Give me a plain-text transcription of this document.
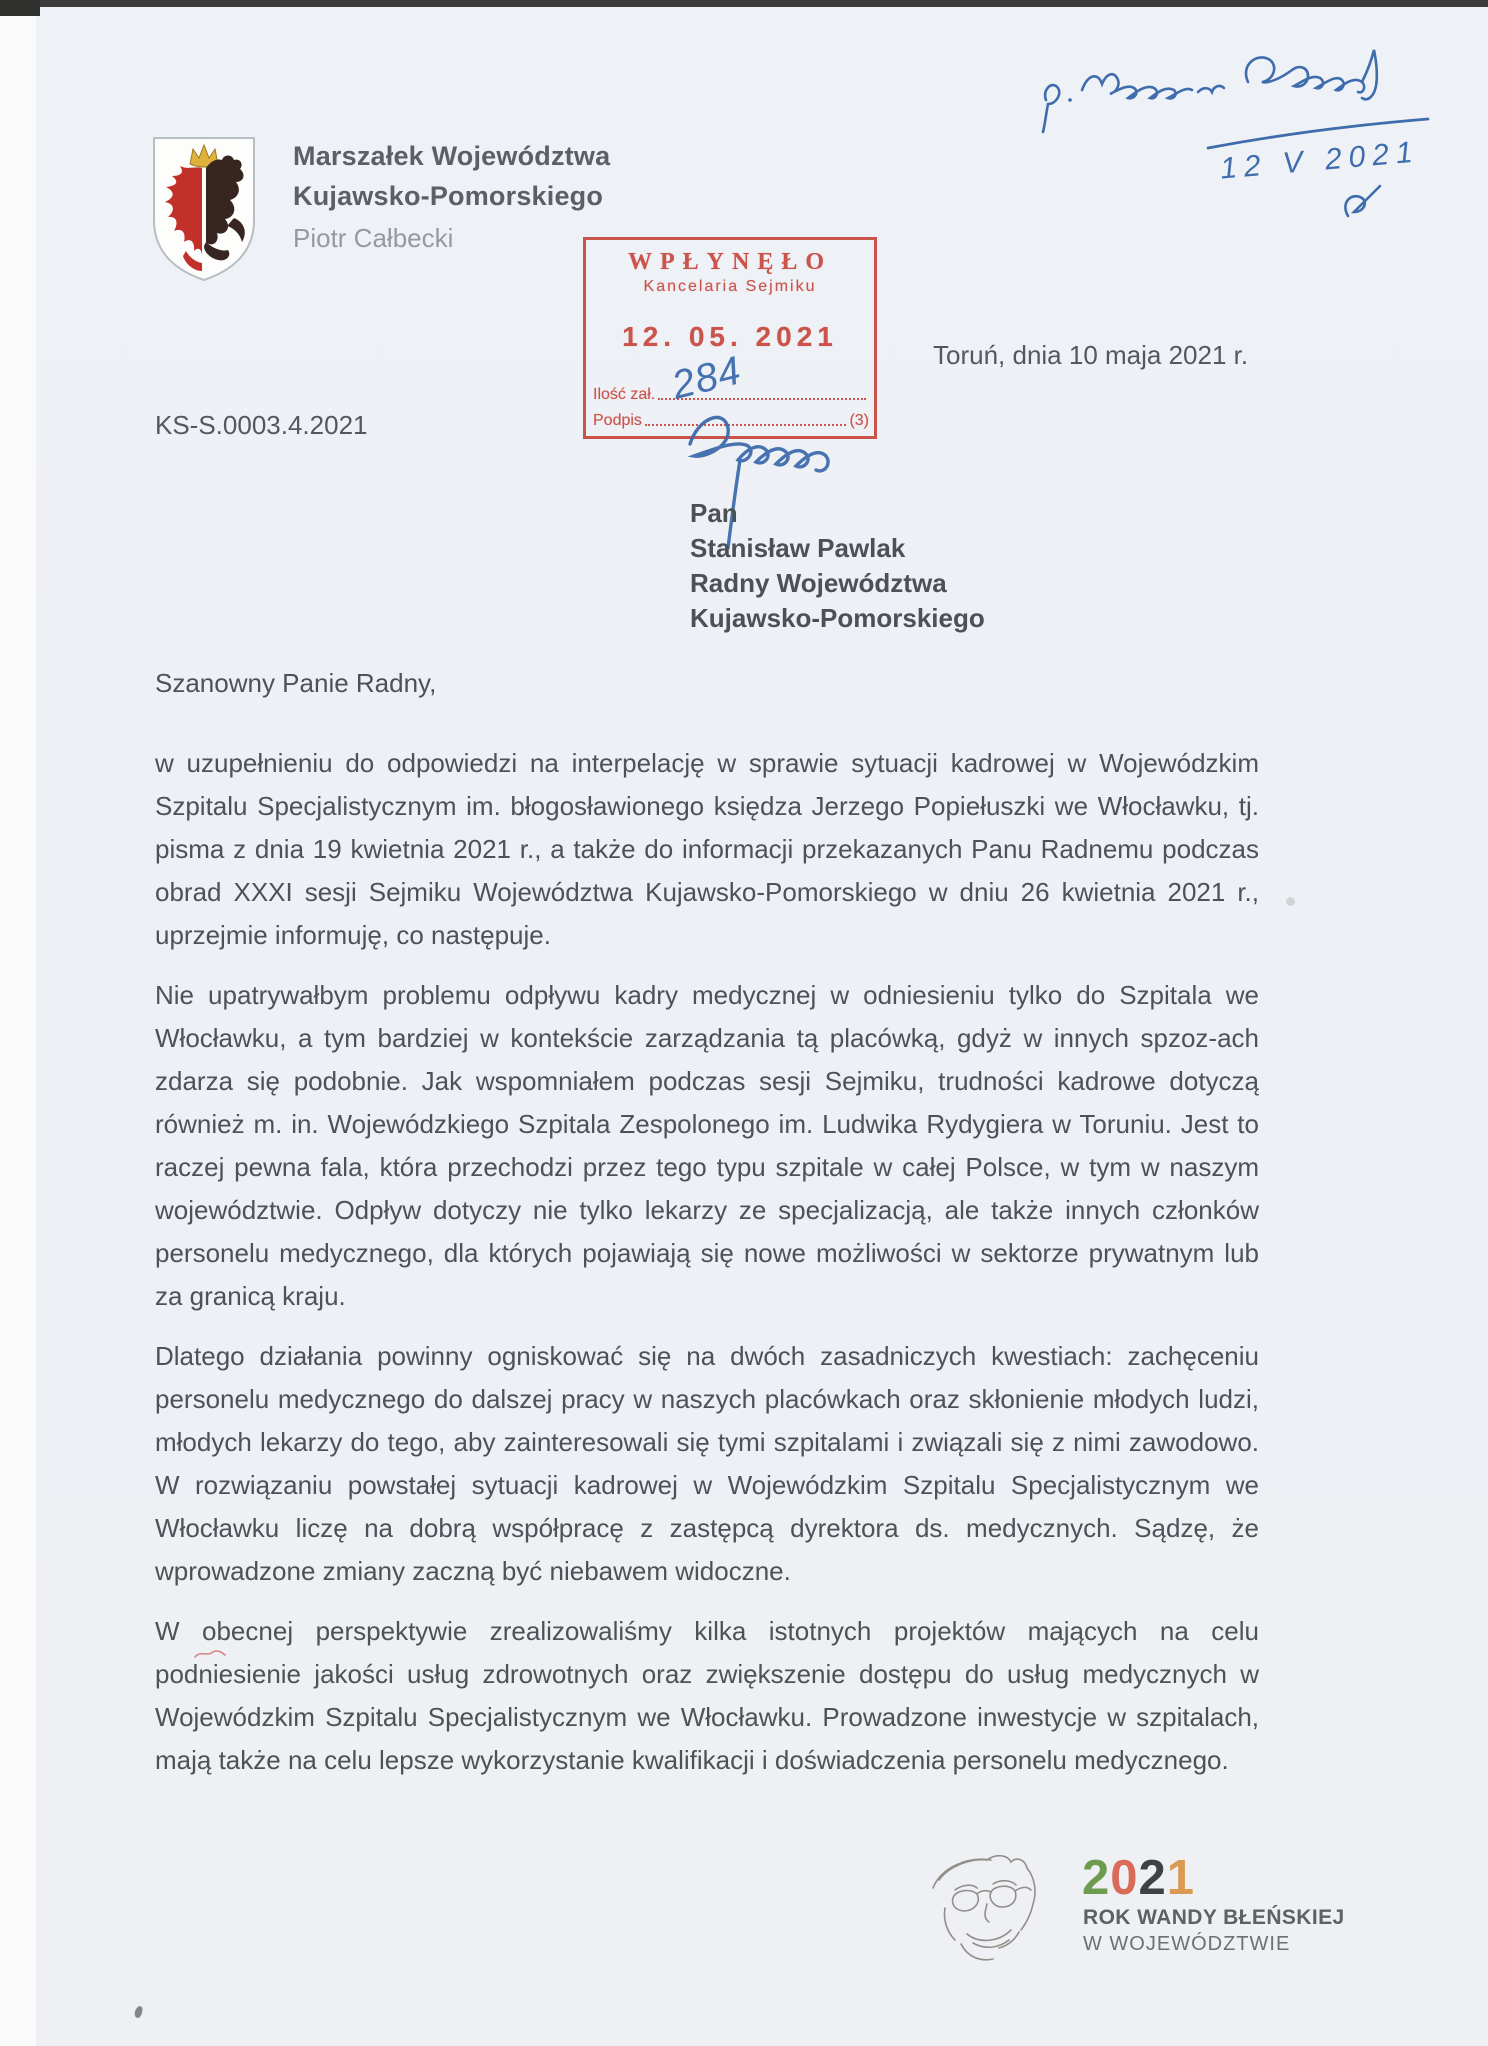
Marszałek Województwa
Kujawsko-Pomorskiego
Piotr Całbecki
12 V 2021
WPŁYNĘŁO
Kancelaria Sejmiku
12. 05. 2021
Ilość zał.
Podpis	(3)
284	Toruń, dnia 10 maja 2021 r.
KS-S.0003.4.2021
Pan
Stanisław Pawlak
Radny Województwa
Kujawsko-Pomorskiego
Szanowny Panie Radny,

w uzupełnieniu do odpowiedzi na interpelację w sprawie sytuacji kadrowej w Wojewódzkim Szpitalu Specjalistycznym im. błogosławionego księdza Jerzego Popiełuszki we Włocławku, tj. pisma z dnia 19 kwietnia 2021 r., a także do informacji przekazanych Panu Radnemu podczas obrad XXXI sesji Sejmiku Województwa Kujawsko-Pomorskiego w dniu 26 kwietnia 2021 r., uprzejmie informuję, co następuje.

Nie upatrywałbym problemu odpływu kadry medycznej w odniesieniu tylko do Szpitala we Włocławku, a tym bardziej w kontekście zarządzania tą placówką, gdyż w innych spzoz-ach zdarza się podobnie. Jak wspomniałem podczas sesji Sejmiku, trudności kadrowe dotyczą również m. in. Wojewódzkiego Szpitala Zespolonego im. Ludwika Rydygiera w Toruniu. Jest to raczej pewna fala, która przechodzi przez tego typu szpitale w całej Polsce, w tym w naszym województwie. Odpływ dotyczy nie tylko lekarzy ze specjalizacją, ale także innych członków personelu medycznego, dla których pojawiają się nowe możliwości w sektorze prywatnym lub za granicą kraju.

Dlatego działania powinny ogniskować się na dwóch zasadniczych kwestiach: zachęceniu personelu medycznego do dalszej pracy w naszych placówkach oraz skłonienie młodych ludzi, młodych lekarzy do tego, aby zainteresowali się tymi szpitalami i związali się z nimi zawodowo. W rozwiązaniu powstałej sytuacji kadrowej w Wojewódzkim Szpitalu Specjalistycznym we Włocławku liczę na dobrą współpracę z zastępcą dyrektora ds. medycznych. Sądzę, że wprowadzone zmiany zaczną być niebawem widoczne.

W obecnej perspektywie zrealizowaliśmy kilka istotnych projektów mających na celu podniesienie jakości usług zdrowotnych oraz zwiększenie dostępu do usług medycznych w Wojewódzkim Szpitalu Specjalistycznym we Włocławku. Prowadzone inwestycje w szpitalach, mają także na celu lepsze wykorzystanie kwalifikacji i doświadczenia personelu medycznego.

2021
ROK WANDY BŁEŃSKIEJ
W WOJEWÓDZTWIE
